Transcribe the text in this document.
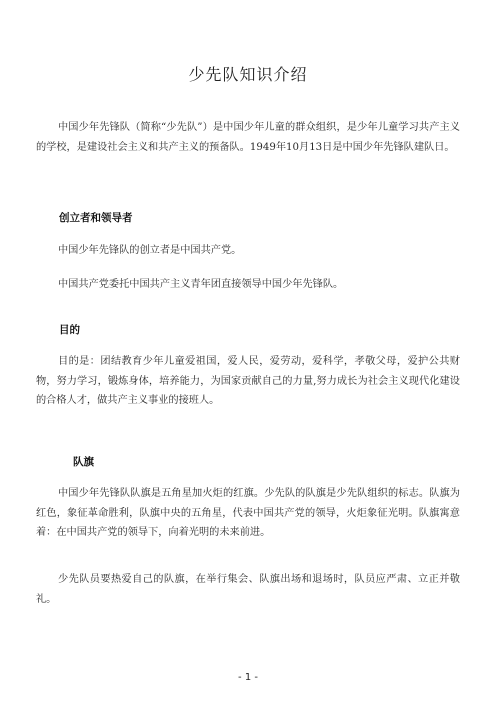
少先队知识介绍

中国少年先锋队（简称“少先队”）是中国少年儿童的群众组织，是少年儿童学习共产主义的学校，是建设社会主义和共产主义的预备队。1949年10月13日是中国少年先锋队建队日。

创立者和领导者

中国少年先锋队的创立者是中国共产党。

中国共产党委托中国共产主义青年团直接领导中国少年先锋队。

目的

目的是：团结教育少年儿童爱祖国，爱人民，爱劳动，爱科学，孝敬父母，爱护公共财物，努力学习，锻炼身体，培养能力，为国家贡献自己的力量,努力成长为社会主义现代化建设的合格人才，做共产主义事业的接班人。

队旗

中国少年先锋队队旗是五角星加火炬的红旗。少先队的队旗是少先队组织的标志。队旗为红色，象征革命胜利，队旗中央的五角星，代表中国共产党的领导，火炬象征光明。队旗寓意着：在中国共产党的领导下，向着光明的未来前进。

少先队员要热爱自己的队旗，在举行集会、队旗出场和退场时，队员应严肃、立正并敬礼。

- 1 -
